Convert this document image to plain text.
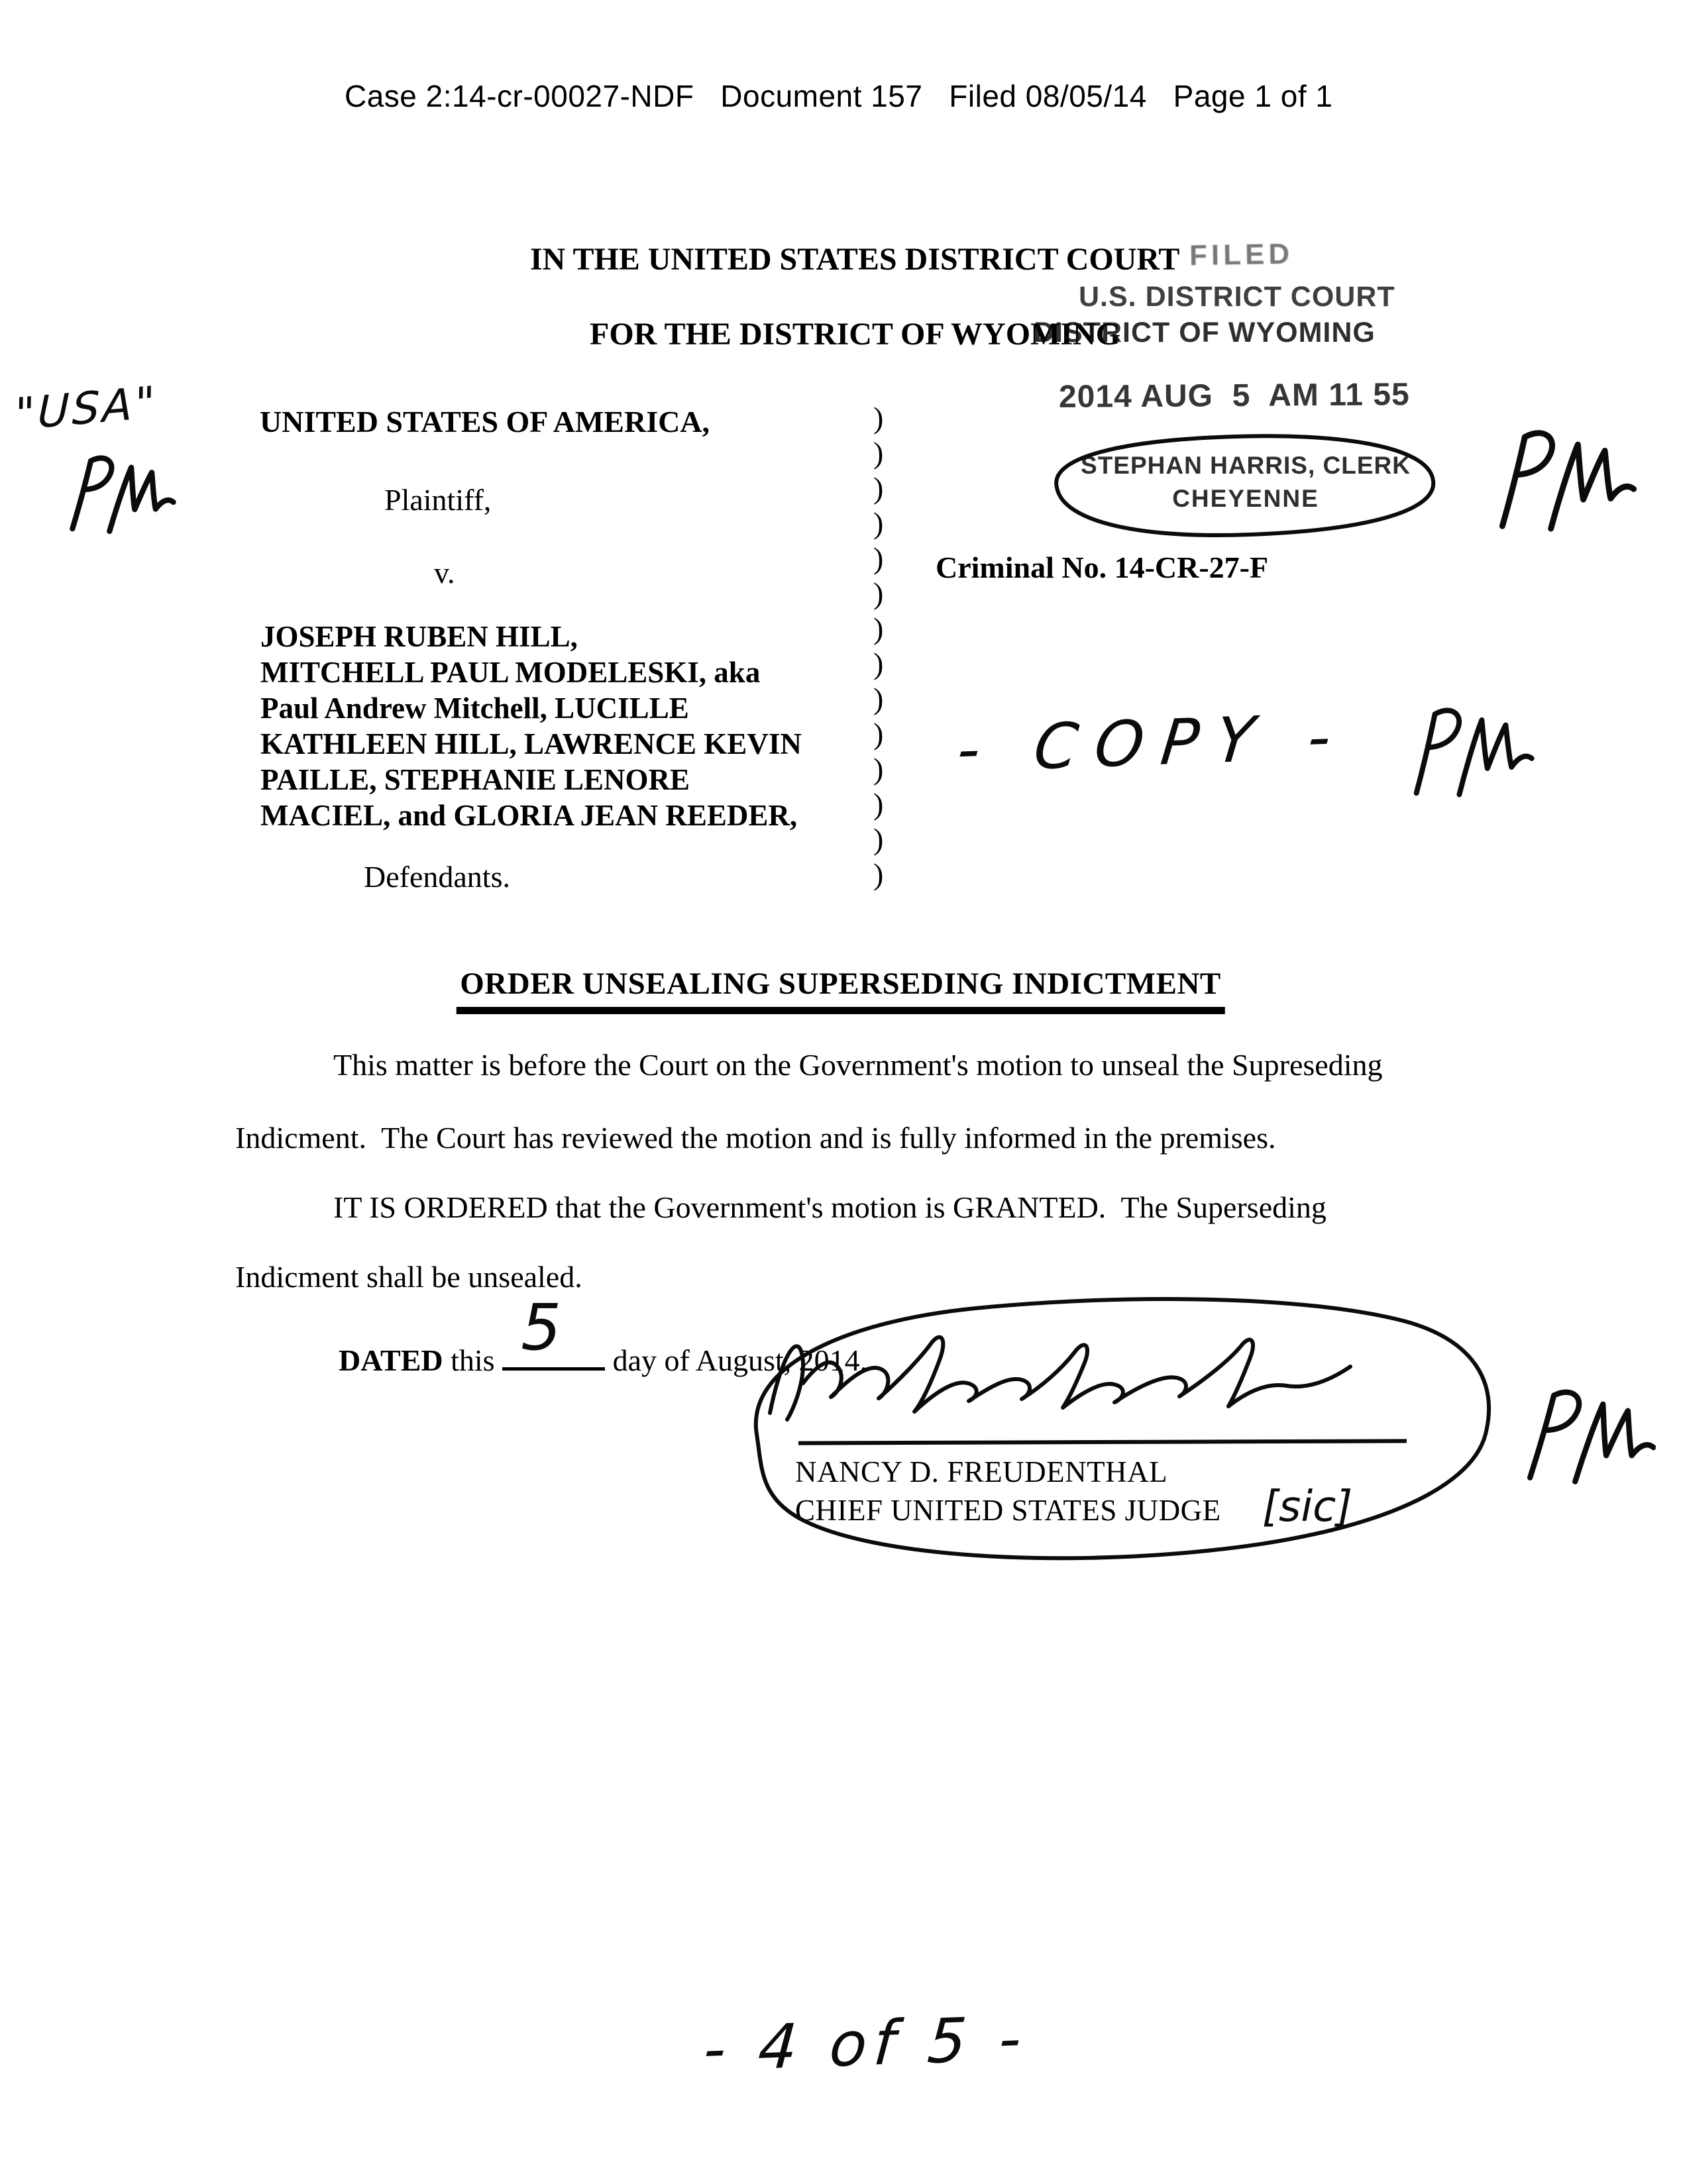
Case 2:14-cr-00027-NDF   Document 157   Filed 08/05/14   Page 1 of 1
"USA"
IN THE UNITED STATES DISTRICT COURT
FOR THE DISTRICT OF WYOMING
FILED
U.S. DISTRICT COURT
DISTRICT OF WYOMING
2014 AUG  5  AM 11 55
STEPHAN HARRIS, CLERK
CHEYENNE
UNITED STATES OF AMERICA,	)
)
)
)
)
)
)
)
)
)
)
)
)
)
Plaintiff,
v.	Criminal No. 14-CR-27-F
JOSEPH RUBEN HILL,
MITCHELL PAUL MODELESKI, aka
Paul Andrew Mitchell, LUCILLE
KATHLEEN HILL, LAWRENCE KEVIN
PAILLE, STEPHANIE LENORE
MACIEL, and GLORIA JEAN REEDER,
Defendants.
- COPY -
ORDER UNSEALING SUPERSEDING INDICTMENT
This matter is before the Court on the Government's motion to unseal the Supreseding
Indicment.  The Court has reviewed the motion and is fully informed in the premises.
IT IS ORDERED that the Government's motion is GRANTED.  The Superseding
Indicment shall be unsealed.
DATED this 5 day of August, 2014.
NANCY D. FREUDENTHAL
CHIEF UNITED STATES JUDGE [sic]
- 4 of 5 -
